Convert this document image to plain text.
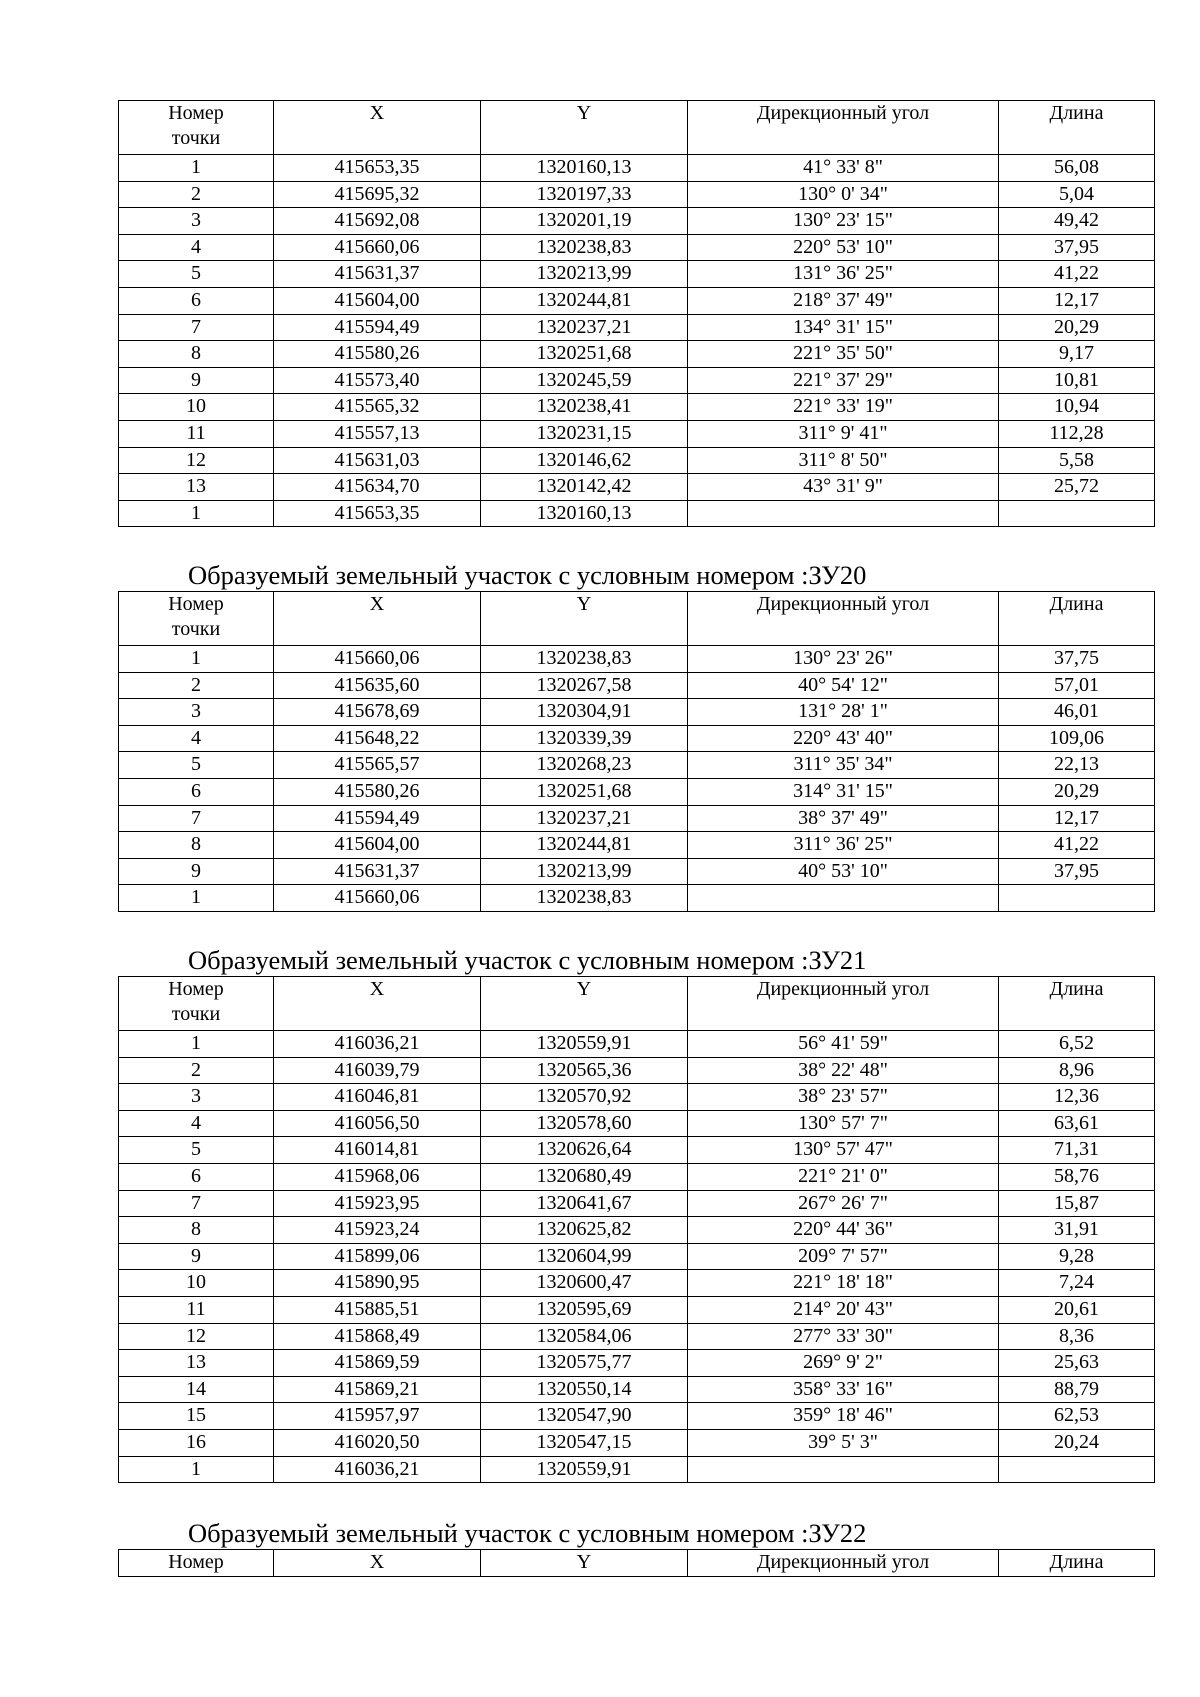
Номер
точки	X	Y	Дирекционный угол	Длина
1	415653,35	1320160,13	41° 33' 8"	56,08
2	415695,32	1320197,33	130° 0' 34"	5,04
3	415692,08	1320201,19	130° 23' 15"	49,42
4	415660,06	1320238,83	220° 53' 10"	37,95
5	415631,37	1320213,99	131° 36' 25"	41,22
6	415604,00	1320244,81	218° 37' 49"	12,17
7	415594,49	1320237,21	134° 31' 15"	20,29
8	415580,26	1320251,68	221° 35' 50"	9,17
9	415573,40	1320245,59	221° 37' 29"	10,81
10	415565,32	1320238,41	221° 33' 19"	10,94
11	415557,13	1320231,15	311° 9' 41"	112,28
12	415631,03	1320146,62	311° 8' 50"	5,58
13	415634,70	1320142,42	43° 31' 9"	25,72
1	415653,35	1320160,13		
Образуемый земельный участок с условным номером :ЗУ20
Номер
точки	X	Y	Дирекционный угол	Длина
1	415660,06	1320238,83	130° 23' 26"	37,75
2	415635,60	1320267,58	40° 54' 12"	57,01
3	415678,69	1320304,91	131° 28' 1"	46,01
4	415648,22	1320339,39	220° 43' 40"	109,06
5	415565,57	1320268,23	311° 35' 34"	22,13
6	415580,26	1320251,68	314° 31' 15"	20,29
7	415594,49	1320237,21	38° 37' 49"	12,17
8	415604,00	1320244,81	311° 36' 25"	41,22
9	415631,37	1320213,99	40° 53' 10"	37,95
1	415660,06	1320238,83		
Образуемый земельный участок с условным номером :ЗУ21
Номер
точки	X	Y	Дирекционный угол	Длина
1	416036,21	1320559,91	56° 41' 59"	6,52
2	416039,79	1320565,36	38° 22' 48"	8,96
3	416046,81	1320570,92	38° 23' 57"	12,36
4	416056,50	1320578,60	130° 57' 7"	63,61
5	416014,81	1320626,64	130° 57' 47"	71,31
6	415968,06	1320680,49	221° 21' 0"	58,76
7	415923,95	1320641,67	267° 26' 7"	15,87
8	415923,24	1320625,82	220° 44' 36"	31,91
9	415899,06	1320604,99	209° 7' 57"	9,28
10	415890,95	1320600,47	221° 18' 18"	7,24
11	415885,51	1320595,69	214° 20' 43"	20,61
12	415868,49	1320584,06	277° 33' 30"	8,36
13	415869,59	1320575,77	269° 9' 2"	25,63
14	415869,21	1320550,14	358° 33' 16"	88,79
15	415957,97	1320547,90	359° 18' 46"	62,53
16	416020,50	1320547,15	39° 5' 3"	20,24
1	416036,21	1320559,91		
Образуемый земельный участок с условным номером :ЗУ22
Номер	X	Y	Дирекционный угол	Длина
